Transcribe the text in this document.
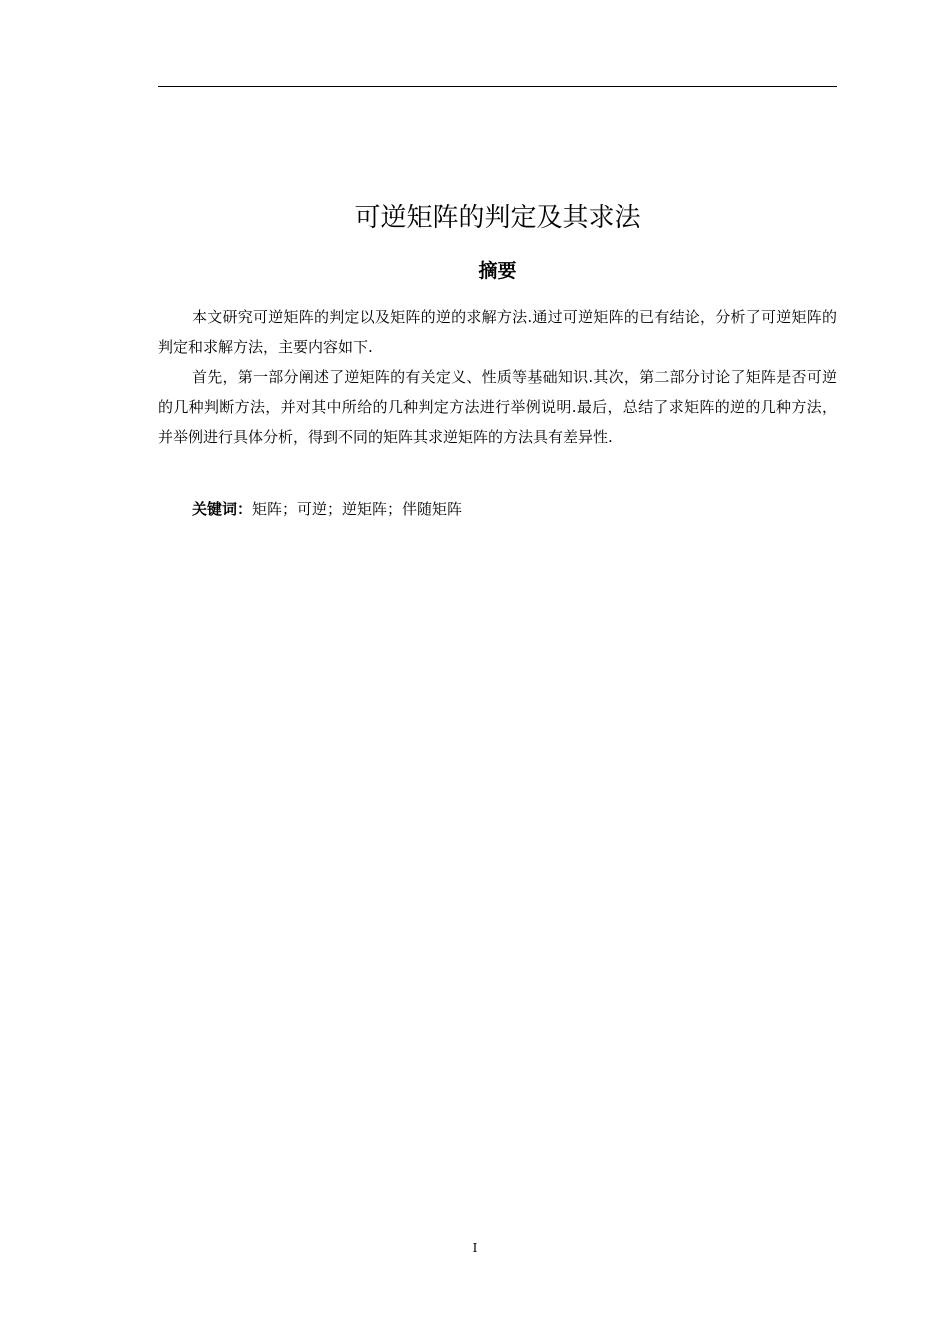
可逆矩阵的判定及其求法
摘要

本文研究可逆矩阵的判定以及矩阵的逆的求解方法.通过可逆矩阵的已有结论，分析了可逆矩阵的判定和求解方法，主要内容如下.

首先，第一部分阐述了逆矩阵的有关定义、性质等基础知识.其次，第二部分讨论了矩阵是否可逆的几种判断方法，并对其中所给的几种判定方法进行举例说明.最后，总结了求矩阵的逆的几种方法，并举例进行具体分析，得到不同的矩阵其求逆矩阵的方法具有差异性.

关键词：矩阵；可逆；逆矩阵；伴随矩阵
I
